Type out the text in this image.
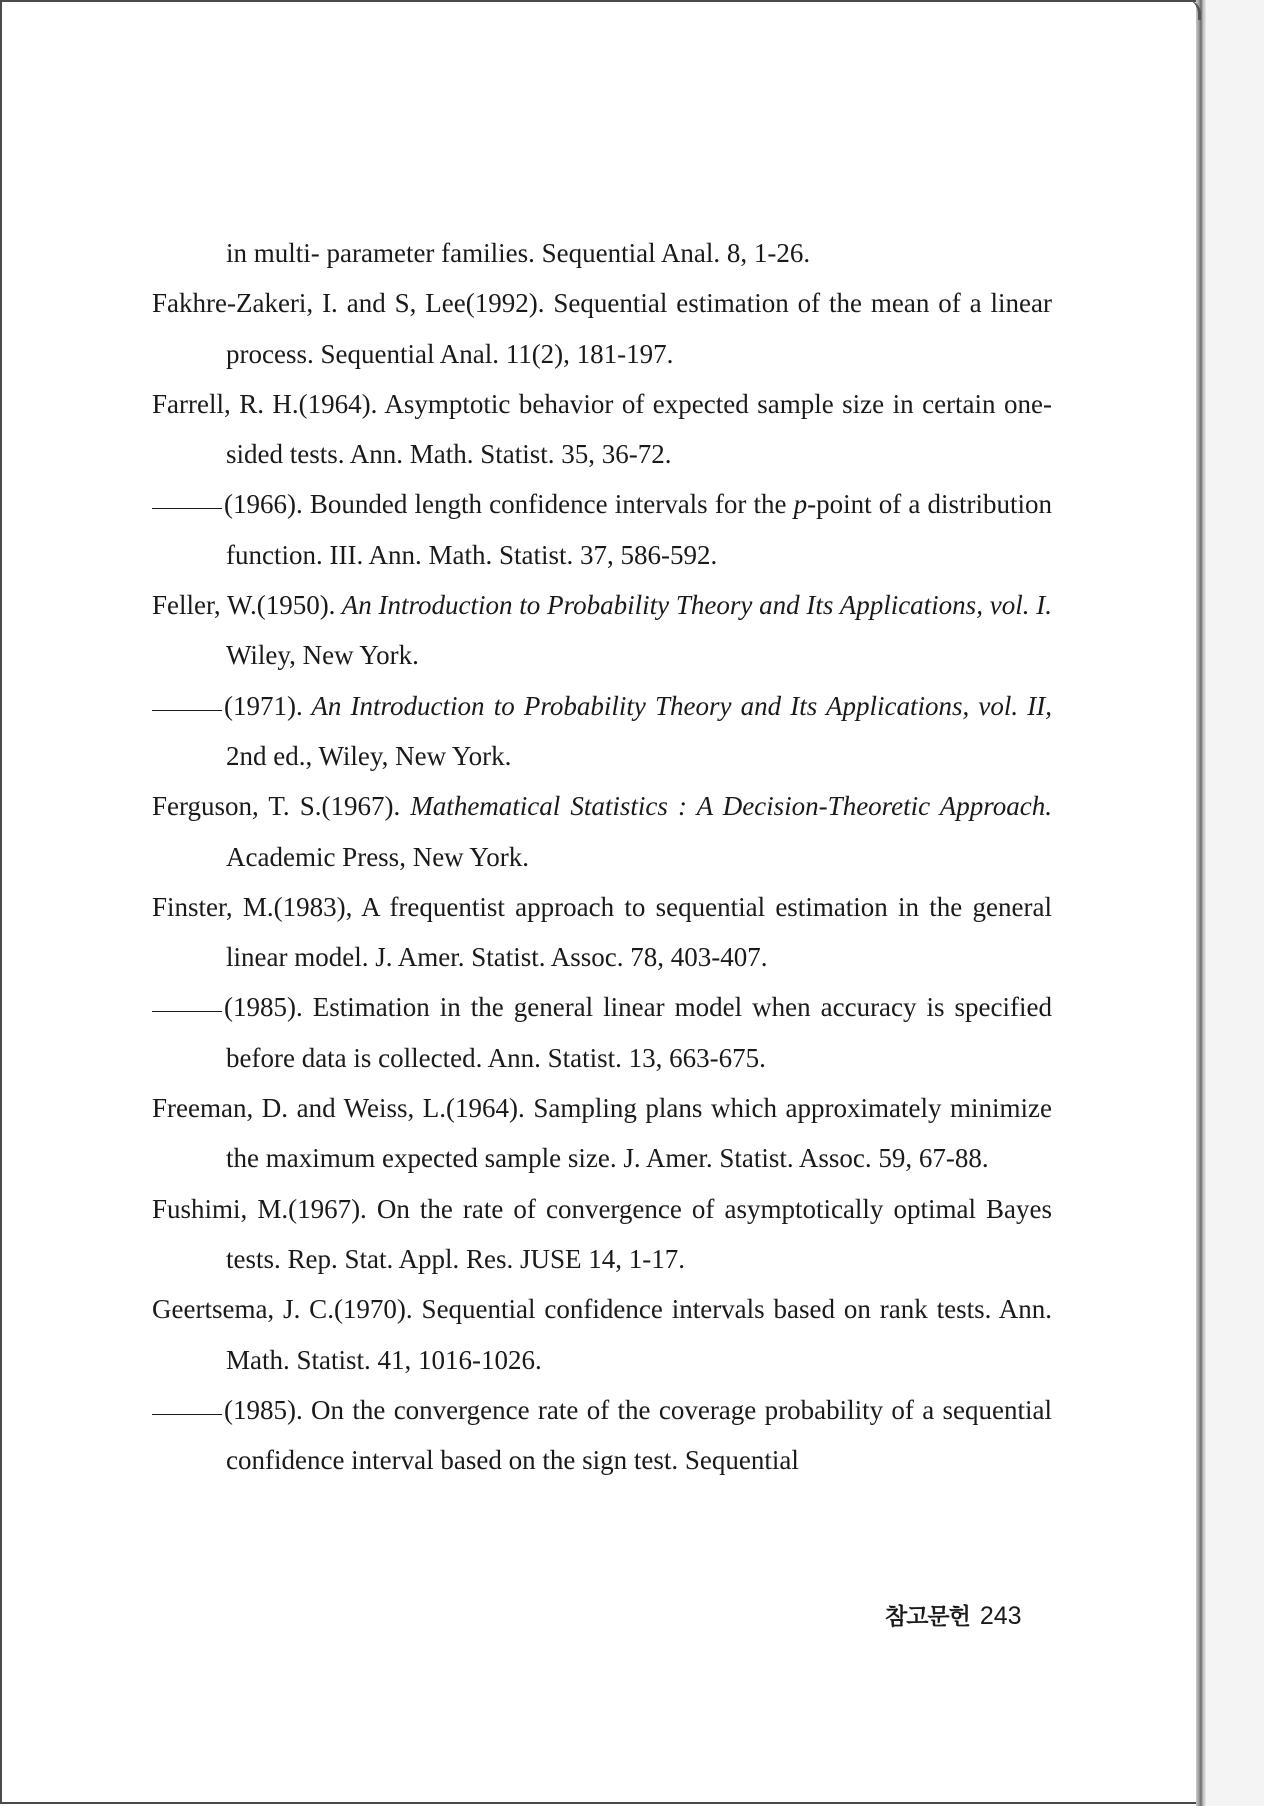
in multi- parameter families. Sequential Anal. 8, 1-26.

Fakhre-Zakeri, I. and S, Lee(1992). Sequential estimation of the mean of a linear process. Sequential Anal. 11(2), 181-197.

Farrell, R. H.(1964). Asymptotic behavior of expected sample size in certain one-sided tests. Ann. Math. Statist. 35, 36-72.

(1966). Bounded length confidence intervals for the p-point of a distribution function. III. Ann. Math. Statist. 37, 586-592.

Feller, W.(1950). An Introduction to Probability Theory and Its Applications, vol. I. Wiley, New York.

(1971). An Introduction to Probability Theory and Its Applications, vol. II, 2nd ed., Wiley, New York.

Ferguson, T. S.(1967). Mathematical Statistics : A Decision-Theoretic Approach. Academic Press, New York.

Finster, M.(1983), A frequentist approach to sequential estimation in the general linear model. J. Amer. Statist. Assoc. 78, 403-407.

(1985). Estimation in the general linear model when accuracy is specified before data is collected. Ann. Statist. 13, 663-675.

Freeman, D. and Weiss, L.(1964). Sampling plans which approximately minimize the maximum expected sample size. J. Amer. Statist. Assoc. 59, 67-88.

Fushimi, M.(1967). On the rate of convergence of asymptotically optimal Bayes tests. Rep. Stat. Appl. Res. JUSE 14, 1-17.

Geertsema, J. C.(1970). Sequential confidence intervals based on rank tests. Ann. Math. Statist. 41, 1016-1026.

(1985). On the convergence rate of the coverage probability of a sequential confidence interval based on the sign test. Sequential

참고문헌 243
